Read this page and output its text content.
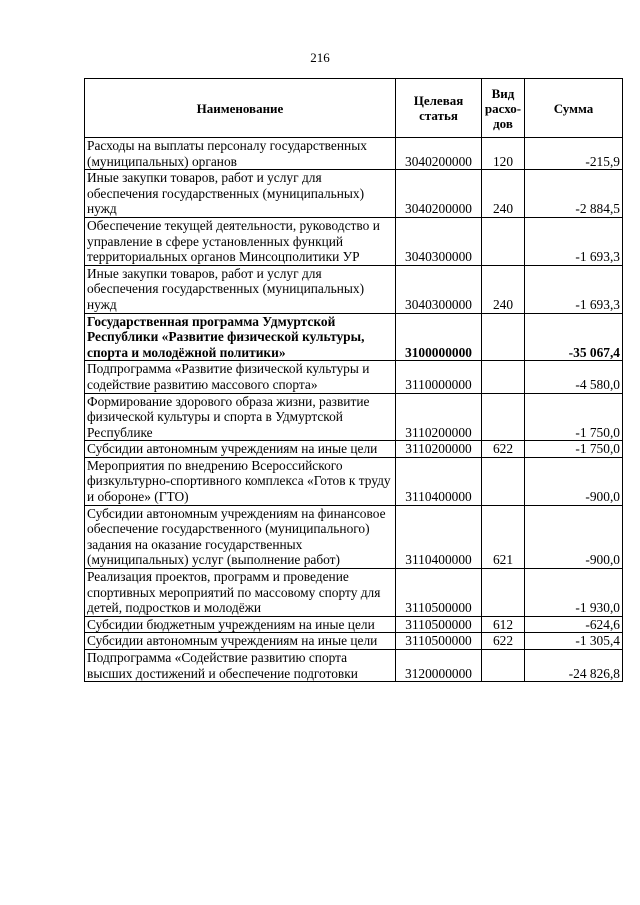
216
Наименование	Целевая статья	Вид расхо-дов	Сумма
Расходы на выплаты персоналу государственных (муниципальных) органов	3040200000	120	-215,9
Иные закупки товаров, работ и услуг для обеспечения государственных (муниципальных) нужд	3040200000	240	-2 884,5
Обеспечение текущей деятельности, руководство и управление в сфере установленных функций территориальных органов Минсоцполитики УР	3040300000		-1 693,3
Иные закупки товаров, работ и услуг для обеспечения государственных (муниципальных) нужд	3040300000	240	-1 693,3
Государственная программа Удмуртской Республики «Развитие физической культуры, спорта и молодёжной политики»	3100000000		-35 067,4
Подпрограмма «Развитие физической культуры и содействие развитию массового спорта»	3110000000		-4 580,0
Формирование здорового образа жизни, развитие физической культуры и спорта в Удмуртской Республике	3110200000		-1 750,0
Субсидии автономным учреждениям на иные цели	3110200000	622	-1 750,0
Мероприятия по внедрению Всероссийского физкультурно-спортивного комплекса «Готов к труду и обороне» (ГТО)	3110400000		-900,0
Субсидии автономным учреждениям на финансовое обеспечение государственного (муниципального) задания на оказание государственных (муниципальных) услуг (выполнение работ)	3110400000	621	-900,0
Реализация проектов, программ и проведение спортивных мероприятий по массовому спорту для детей, подростков и молодёжи	3110500000		-1 930,0
Субсидии бюджетным учреждениям на иные цели	3110500000	612	-624,6
Субсидии автономным учреждениям на иные цели	3110500000	622	-1 305,4
Подпрограмма «Содействие развитию спорта высших достижений и обеспечение подготовки	3120000000		-24 826,8
